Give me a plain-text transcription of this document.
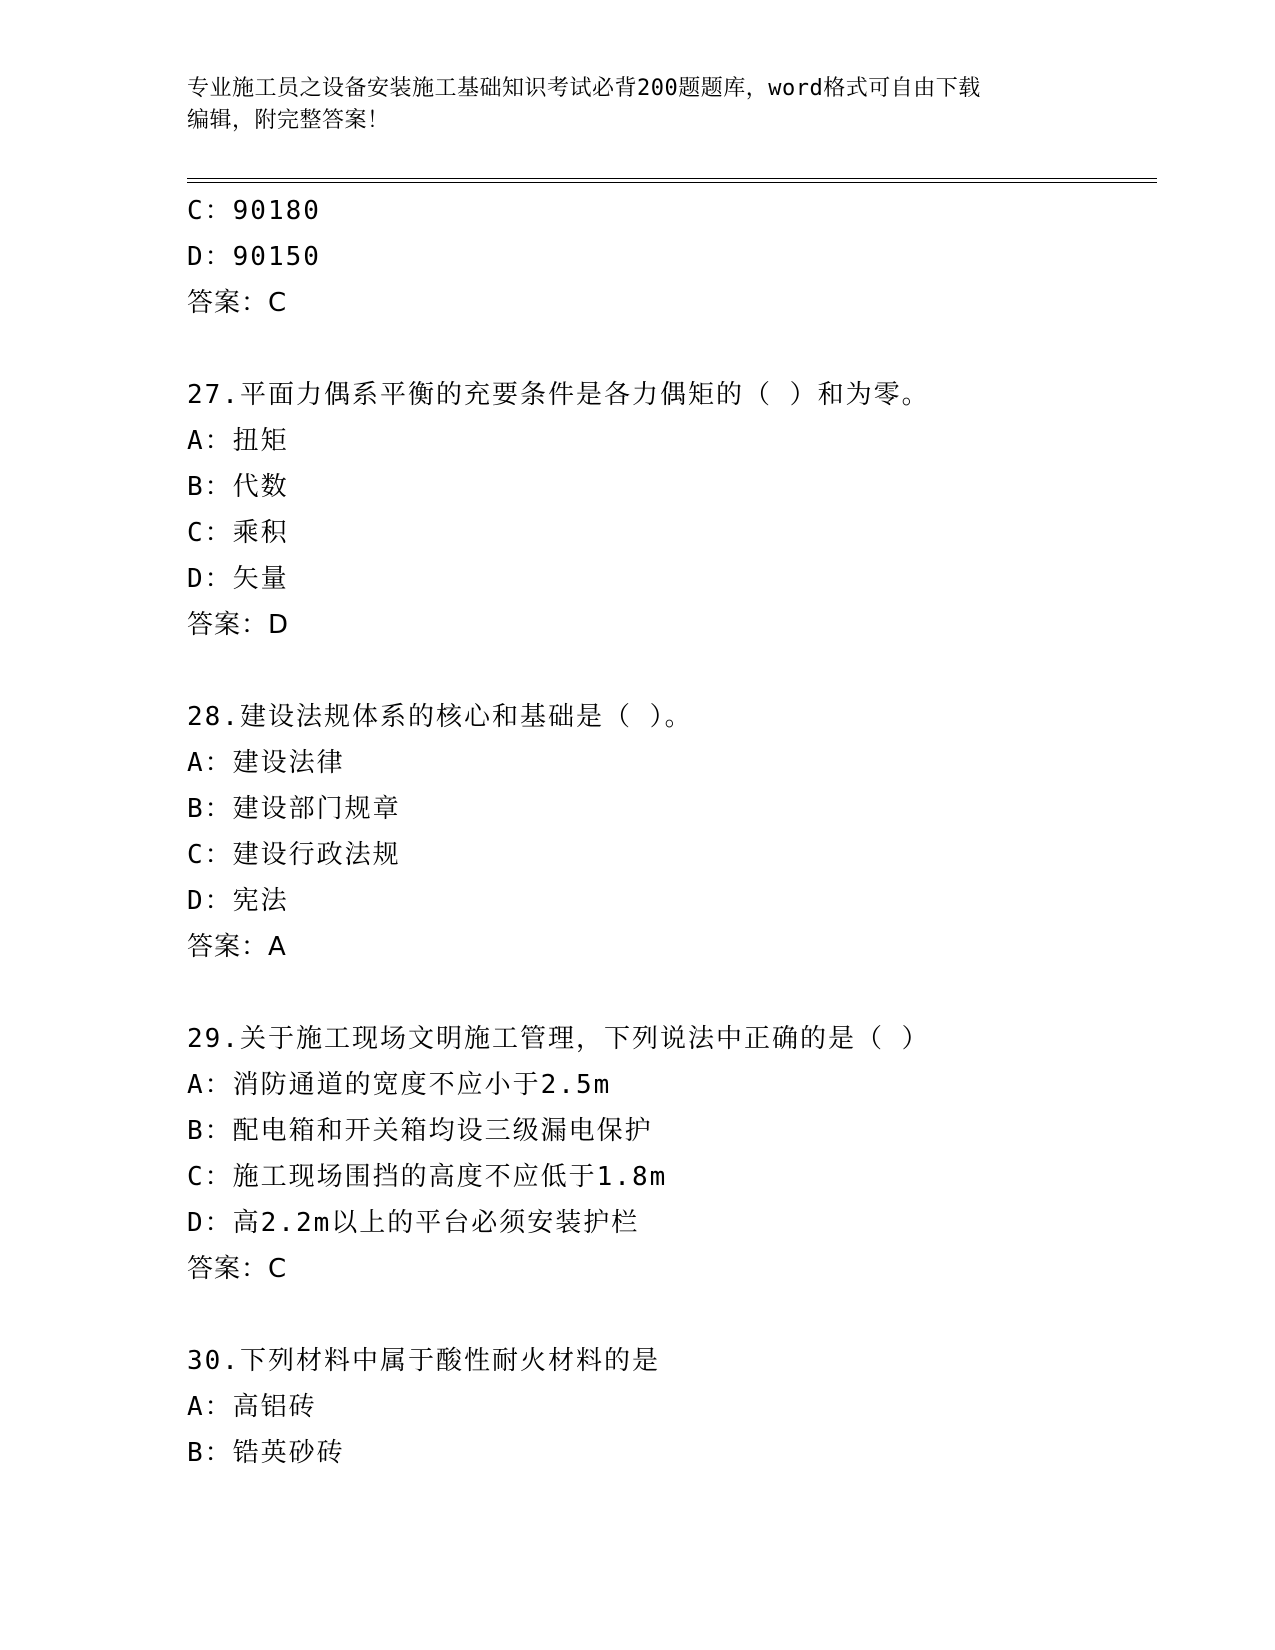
专业施工员之设备安装施工基础知识考试必背200题题库，word格式可自由下载
编辑，附完整答案！
C：90180
D：90150
答案：C
27.平面力偶系平衡的充要条件是各力偶矩的（ ）和为零。
A：扭矩
B：代数
C：乘积
D：矢量
答案：D
28.建设法规体系的核心和基础是（ ）。
A：建设法律
B：建设部门规章
C：建设行政法规
D：宪法
答案：A
29.关于施工现场文明施工管理，下列说法中正确的是（ ）
A：消防通道的宽度不应小于2.5m
B：配电箱和开关箱均设三级漏电保护
C：施工现场围挡的高度不应低于1.8m
D：高2.2m以上的平台必须安装护栏
答案：C
30.下列材料中属于酸性耐火材料的是
A：高铝砖
B：锆英砂砖
